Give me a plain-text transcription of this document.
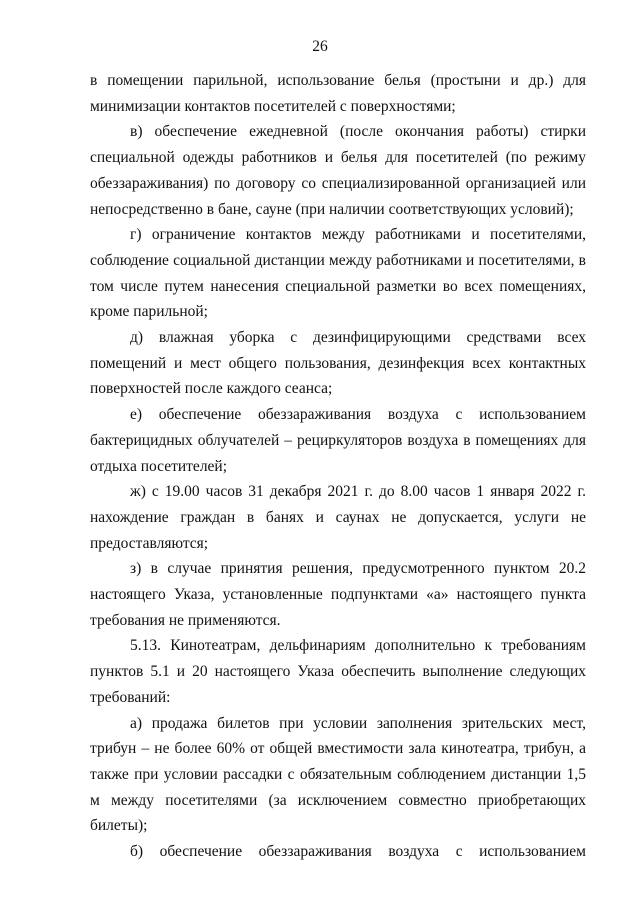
26

в помещении парильной, использование белья (простыни и др.) для минимизации контактов посетителей с поверхностями;

в) обеспечение ежедневной (после окончания работы) стирки специальной одежды работников и белья для посетителей (по режиму обеззараживания) по договору со специализированной организацией или непосредственно в бане, сауне (при наличии соответствующих условий);

г) ограничение контактов между работниками и посетителями, соблюдение социальной дистанции между работниками и посетителями, в том числе путем нанесения специальной разметки во всех помещениях, кроме парильной;

д) влажная уборка с дезинфицирующими средствами всех помещений и мест общего пользования, дезинфекция всех контактных поверхностей после каждого сеанса;

е) обеспечение обеззараживания воздуха с использованием бактерицидных облучателей – рециркуляторов воздуха в помещениях для отдыха посетителей;

ж) с 19.00 часов 31 декабря 2021 г. до 8.00 часов 1 января 2022 г. нахождение граждан в банях и саунах не допускается, услуги не предоставляются;

з) в случае принятия решения, предусмотренного пунктом 20.2 настоящего Указа, установленные подпунктами «а» настоящего пункта требования не применяются.

5.13. Кинотеатрам, дельфинариям дополнительно к требованиям пунктов 5.1 и 20 настоящего Указа обеспечить выполнение следующих требований:

а) продажа билетов при условии заполнения зрительских мест, трибун – не более 60% от общей вместимости зала кинотеатра, трибун, а также при условии рассадки с обязательным соблюдением дистанции 1,5 м между посетителями (за исключением совместно приобретающих билеты);

б) обеспечение обеззараживания воздуха с использованием
